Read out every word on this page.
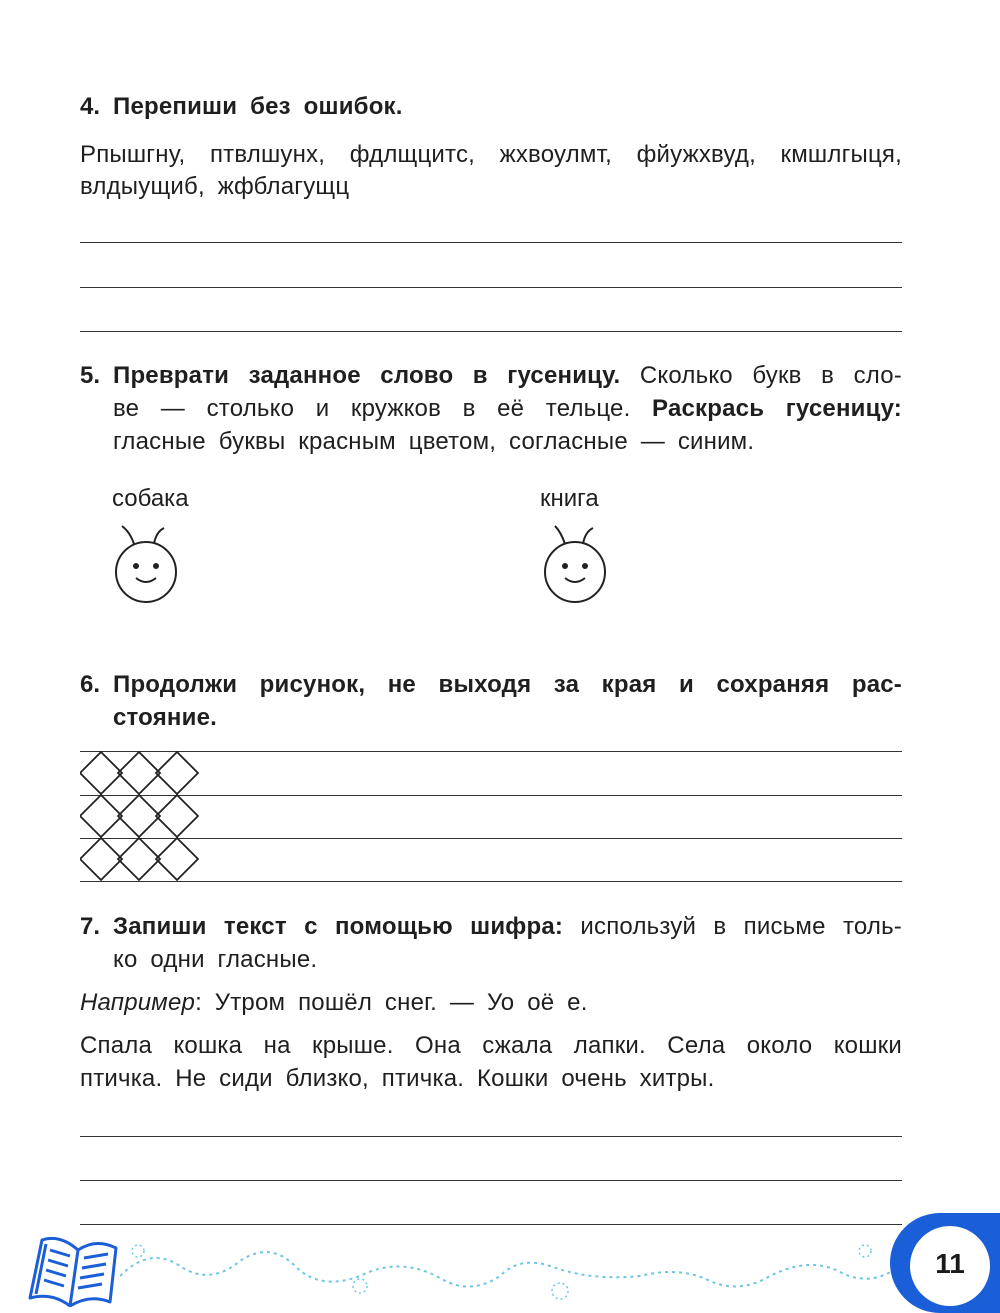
4. Перепиши без ошибок.
Рпышгну, птвлшунх, фдлщцитс, жхвоулмт, фйужхвуд, кмшлгыця,
влдыущиб, жфблагущц
5. Преврати заданное слово в гусеницу. Сколько букв в сло-
ве — столько и кружков в её тельце. Раскрась гусеницу:
гласные буквы красным цветом, согласные — синим.
собака	книга
6. Продолжи рисунок, не выходя за края и сохраняя рас-
стояние.
7. Запиши текст с помощью шифра: используй в письме толь-
ко одни гласные.
Например: Утром пошёл снег. — Уо оё е.
Спала кошка на крыше. Она сжала лапки. Села около кошки
птичка. Не сиди близко, птичка. Кошки очень хитры.
11
